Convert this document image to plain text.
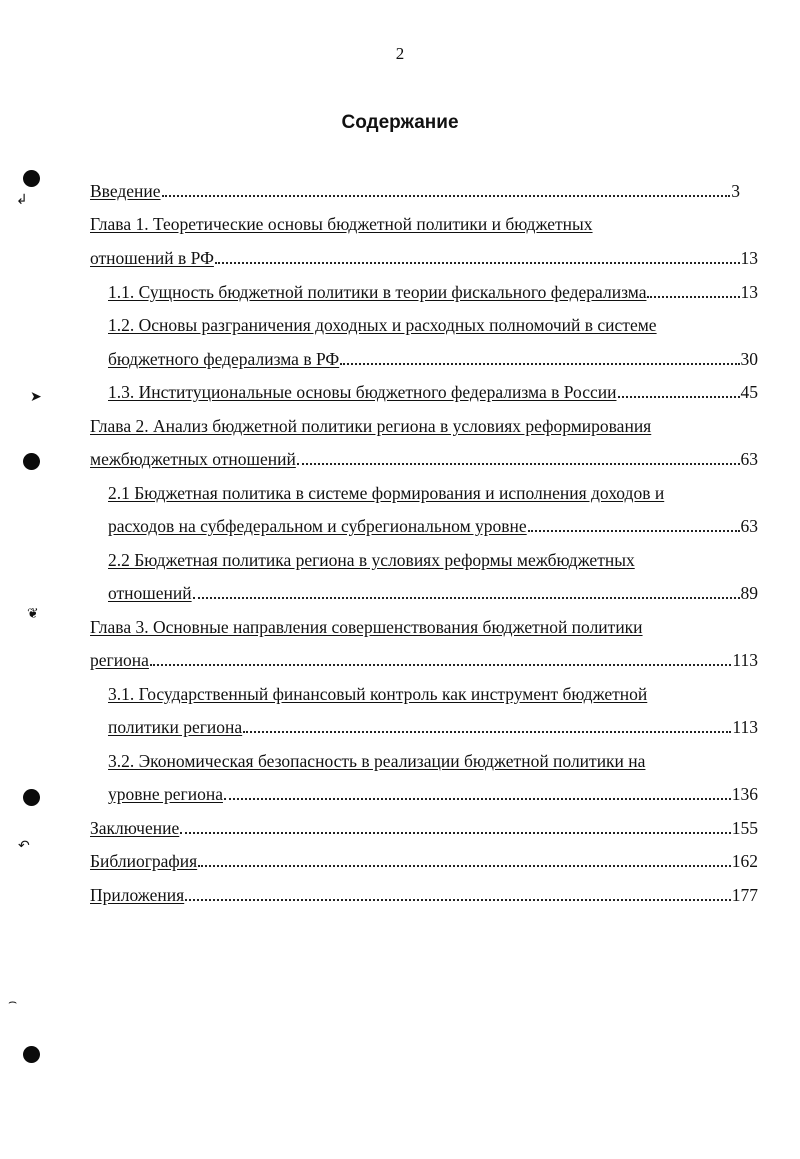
2
Содержание
Введение	3
Глава 1. Теоретические основы бюджетной политики и бюджетных
отношений в РФ	13
1.1. Сущность бюджетной политики в теории фискального федерализма	13
1.2. Основы разграничения доходных и расходных полномочий в системе
бюджетного федерализма в РФ	30
1.3. Институциональные основы бюджетного федерализма в России	45
Глава 2. Анализ бюджетной политики региона в условиях реформирования
межбюджетных отношений	63
2.1 Бюджетная политика в системе формирования и исполнения доходов и
расходов на субфедеральном и субрегиональном уровне	63
2.2 Бюджетная политика региона в условиях реформы межбюджетных
отношений	89
Глава 3. Основные направления совершенствования бюджетной политики
региона	113
3.1. Государственный финансовый контроль как инструмент бюджетной
политики региона	113
3.2. Экономическая безопасность в реализации бюджетной политики на
уровне региона	136
Заключение	155
Библиография	162
Приложения	177
↲
➤
❦
↶
⌢
